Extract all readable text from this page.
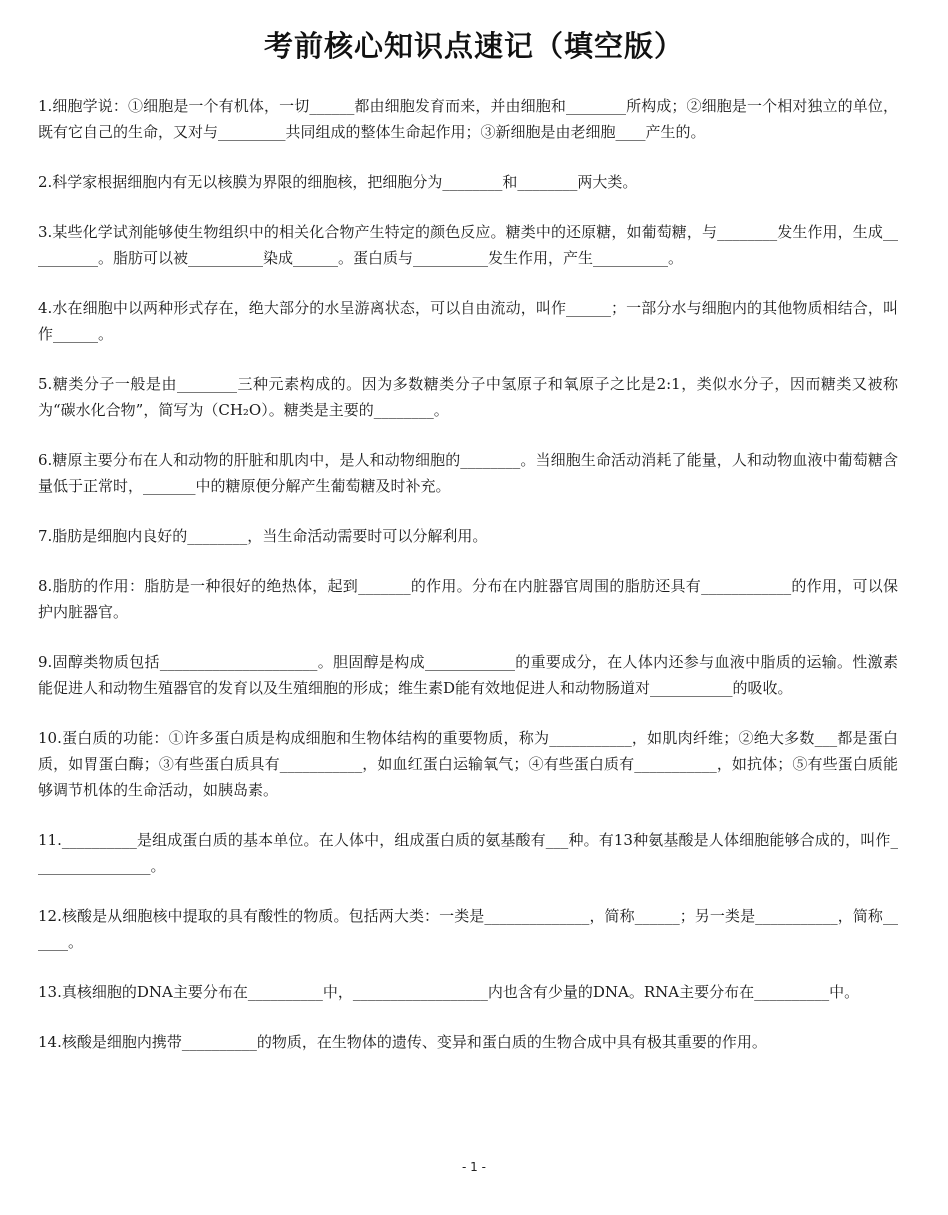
考前核心知识点速记（填空版）

1.细胞学说：①细胞是一个有机体，一切______都由细胞发育而来，并由细胞和________所构成；②细胞是一个相对独立的单位，既有它自己的生命，又对与_________共同组成的整体生命起作用；③新细胞是由老细胞____产生的。

2.科学家根据细胞内有无以核膜为界限的细胞核，把细胞分为________和________两大类。

3.某些化学试剂能够使生物组织中的相关化合物产生特定的颜色反应。糖类中的还原糖，如葡萄糖，与________发生作用，生成__________。脂肪可以被__________染成______。蛋白质与__________发生作用，产生__________。

4.水在细胞中以两种形式存在，绝大部分的水呈游离状态，可以自由流动，叫作______；一部分水与细胞内的其他物质相结合，叫作______。

5.糖类分子一般是由________三种元素构成的。因为多数糖类分子中氢原子和氧原子之比是2:1，类似水分子，因而糖类又被称为“碳水化合物”，简写为（CH₂O）。糖类是主要的________。

6.糖原主要分布在人和动物的肝脏和肌肉中，是人和动物细胞的________。当细胞生命活动消耗了能量，人和动物血液中葡萄糖含量低于正常时，_______中的糖原便分解产生葡萄糖及时补充。

7.脂肪是细胞内良好的________，当生命活动需要时可以分解利用。

8.脂肪的作用：脂肪是一种很好的绝热体，起到_______的作用。分布在内脏器官周围的脂肪还具有____________的作用，可以保护内脏器官。

9.固醇类物质包括_____________________。胆固醇是构成____________的重要成分，在人体内还参与血液中脂质的运输。性激素能促进人和动物生殖器官的发育以及生殖细胞的形成；维生素D能有效地促进人和动物肠道对___________的吸收。

10.蛋白质的功能：①许多蛋白质是构成细胞和生物体结构的重要物质，称为___________，如肌肉纤维；②绝大多数___都是蛋白质，如胃蛋白酶；③有些蛋白质具有___________，如血红蛋白运输氧气；④有些蛋白质有___________，如抗体；⑤有些蛋白质能够调节机体的生命活动，如胰岛素。

11.__________是组成蛋白质的基本单位。在人体中，组成蛋白质的氨基酸有___种。有13种氨基酸是人体细胞能够合成的，叫作________________。

12.核酸是从细胞核中提取的具有酸性的物质。包括两大类：一类是______________，简称______；另一类是___________，简称______。

13.真核细胞的DNA主要分布在__________中，__________________内也含有少量的DNA。RNA主要分布在__________中。

14.核酸是细胞内携带__________的物质，在生物体的遗传、变异和蛋白质的生物合成中具有极其重要的作用。

- 1 -
